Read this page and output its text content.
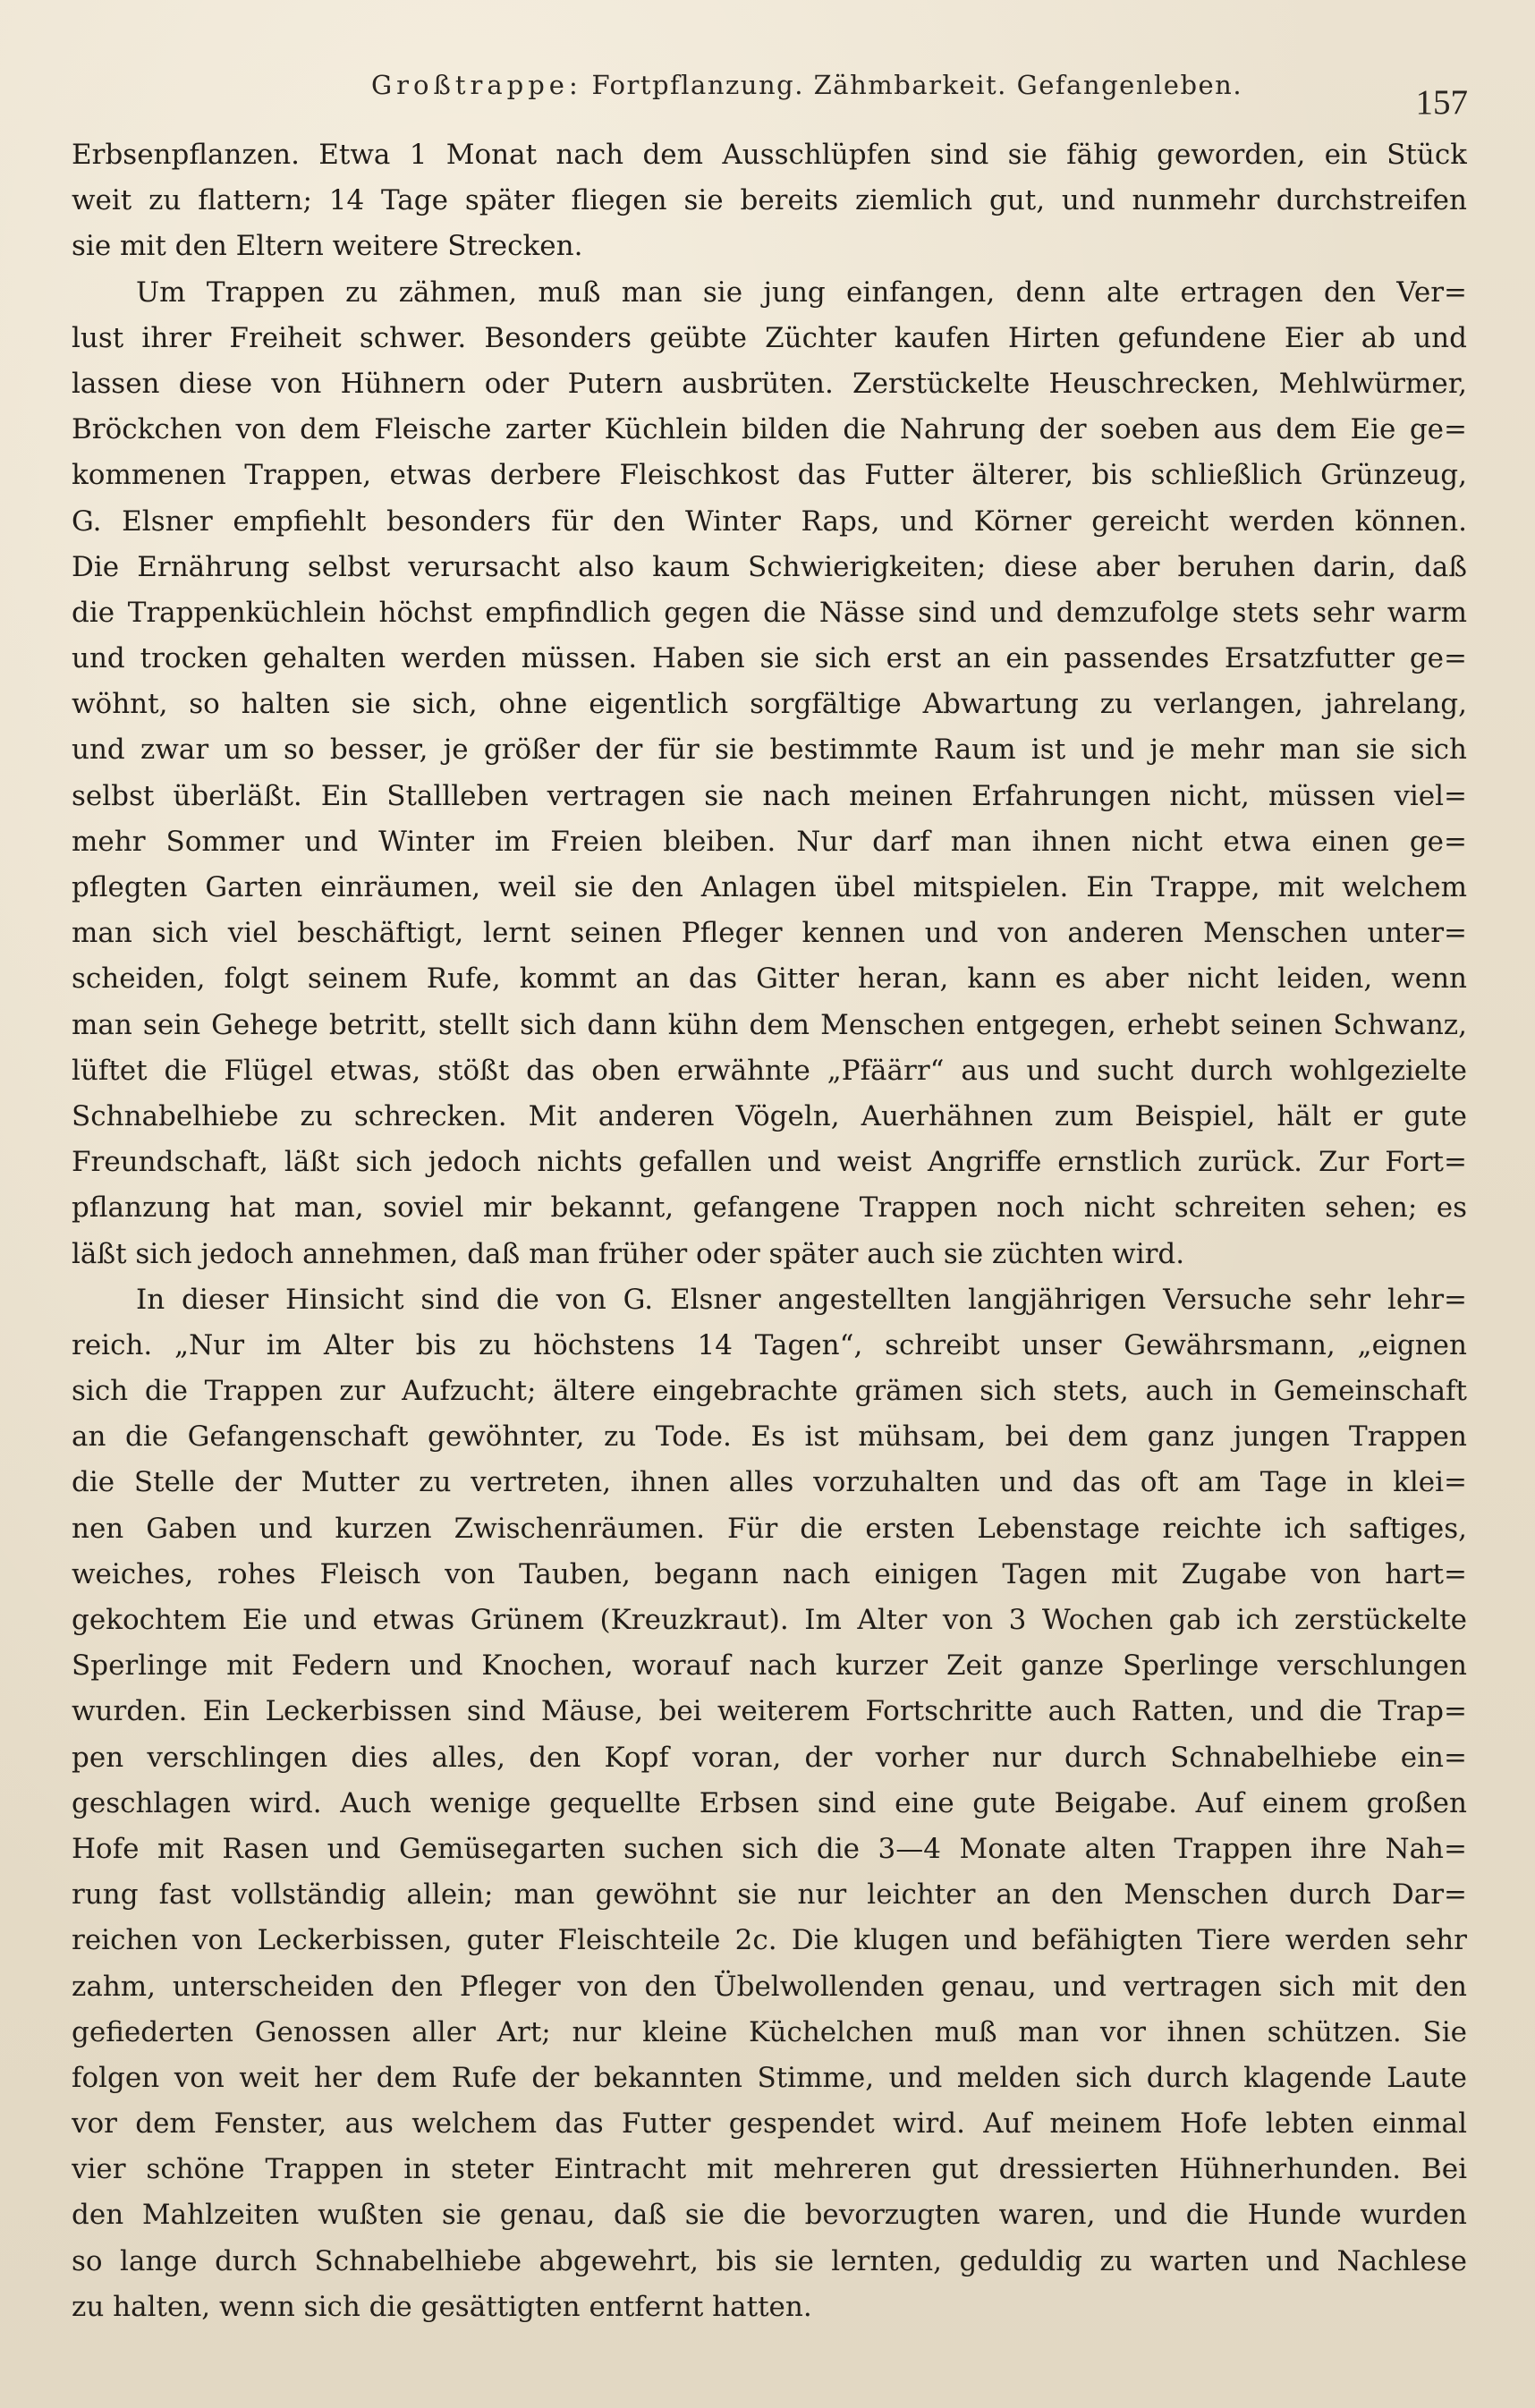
Großtrappe: Fortpflanzung. Zähmbarkeit. Gefangenleben.	157
Erbsenpflanzen. Etwa 1 Monat nach dem Ausschlüpfen sind sie fähig geworden, ein Stück
weit zu flattern; 14 Tage später fliegen sie bereits ziemlich gut, und nunmehr durchstreifen
sie mit den Eltern weitere Strecken.
Um Trappen zu zähmen, muß man sie jung einfangen, denn alte ertragen den Ver=
lust ihrer Freiheit schwer. Besonders geübte Züchter kaufen Hirten gefundene Eier ab und
lassen diese von Hühnern oder Putern ausbrüten. Zerstückelte Heuschrecken, Mehlwürmer,
Bröckchen von dem Fleische zarter Küchlein bilden die Nahrung der soeben aus dem Eie ge=
kommenen Trappen, etwas derbere Fleischkost das Futter älterer, bis schließlich Grünzeug,
G. Elsner empfiehlt besonders für den Winter Raps, und Körner gereicht werden können.
Die Ernährung selbst verursacht also kaum Schwierigkeiten; diese aber beruhen darin, daß
die Trappenküchlein höchst empfindlich gegen die Nässe sind und demzufolge stets sehr warm
und trocken gehalten werden müssen. Haben sie sich erst an ein passendes Ersatzfutter ge=
wöhnt, so halten sie sich, ohne eigentlich sorgfältige Abwartung zu verlangen, jahrelang,
und zwar um so besser, je größer der für sie bestimmte Raum ist und je mehr man sie sich
selbst überläßt. Ein Stallleben vertragen sie nach meinen Erfahrungen nicht, müssen viel=
mehr Sommer und Winter im Freien bleiben. Nur darf man ihnen nicht etwa einen ge=
pflegten Garten einräumen, weil sie den Anlagen übel mitspielen. Ein Trappe, mit welchem
man sich viel beschäftigt, lernt seinen Pfleger kennen und von anderen Menschen unter=
scheiden, folgt seinem Rufe, kommt an das Gitter heran, kann es aber nicht leiden, wenn
man sein Gehege betritt, stellt sich dann kühn dem Menschen entgegen, erhebt seinen Schwanz,
lüftet die Flügel etwas, stößt das oben erwähnte „Pfäärr“ aus und sucht durch wohlgezielte
Schnabelhiebe zu schrecken. Mit anderen Vögeln, Auerhähnen zum Beispiel, hält er gute
Freundschaft, läßt sich jedoch nichts gefallen und weist Angriffe ernstlich zurück. Zur Fort=
pflanzung hat man, soviel mir bekannt, gefangene Trappen noch nicht schreiten sehen; es
läßt sich jedoch annehmen, daß man früher oder später auch sie züchten wird.
In dieser Hinsicht sind die von G. Elsner angestellten langjährigen Versuche sehr lehr=
reich. „Nur im Alter bis zu höchstens 14 Tagen“, schreibt unser Gewährsmann, „eignen
sich die Trappen zur Aufzucht; ältere eingebrachte grämen sich stets, auch in Gemeinschaft
an die Gefangenschaft gewöhnter, zu Tode. Es ist mühsam, bei dem ganz jungen Trappen
die Stelle der Mutter zu vertreten, ihnen alles vorzuhalten und das oft am Tage in klei=
nen Gaben und kurzen Zwischenräumen. Für die ersten Lebenstage reichte ich saftiges,
weiches, rohes Fleisch von Tauben, begann nach einigen Tagen mit Zugabe von hart=
gekochtem Eie und etwas Grünem (Kreuzkraut). Im Alter von 3 Wochen gab ich zerstückelte
Sperlinge mit Federn und Knochen, worauf nach kurzer Zeit ganze Sperlinge verschlungen
wurden. Ein Leckerbissen sind Mäuse, bei weiterem Fortschritte auch Ratten, und die Trap=
pen verschlingen dies alles, den Kopf voran, der vorher nur durch Schnabelhiebe ein=
geschlagen wird. Auch wenige gequellte Erbsen sind eine gute Beigabe. Auf einem großen
Hofe mit Rasen und Gemüsegarten suchen sich die 3—4 Monate alten Trappen ihre Nah=
rung fast vollständig allein; man gewöhnt sie nur leichter an den Menschen durch Dar=
reichen von Leckerbissen, guter Fleischteile 2c. Die klugen und befähigten Tiere werden sehr
zahm, unterscheiden den Pfleger von den Übelwollenden genau, und vertragen sich mit den
gefiederten Genossen aller Art; nur kleine Küchelchen muß man vor ihnen schützen. Sie
folgen von weit her dem Rufe der bekannten Stimme, und melden sich durch klagende Laute
vor dem Fenster, aus welchem das Futter gespendet wird. Auf meinem Hofe lebten einmal
vier schöne Trappen in steter Eintracht mit mehreren gut dressierten Hühnerhunden. Bei
den Mahlzeiten wußten sie genau, daß sie die bevorzugten waren, und die Hunde wurden
so lange durch Schnabelhiebe abgewehrt, bis sie lernten, geduldig zu warten und Nachlese
zu halten, wenn sich die gesättigten entfernt hatten.
